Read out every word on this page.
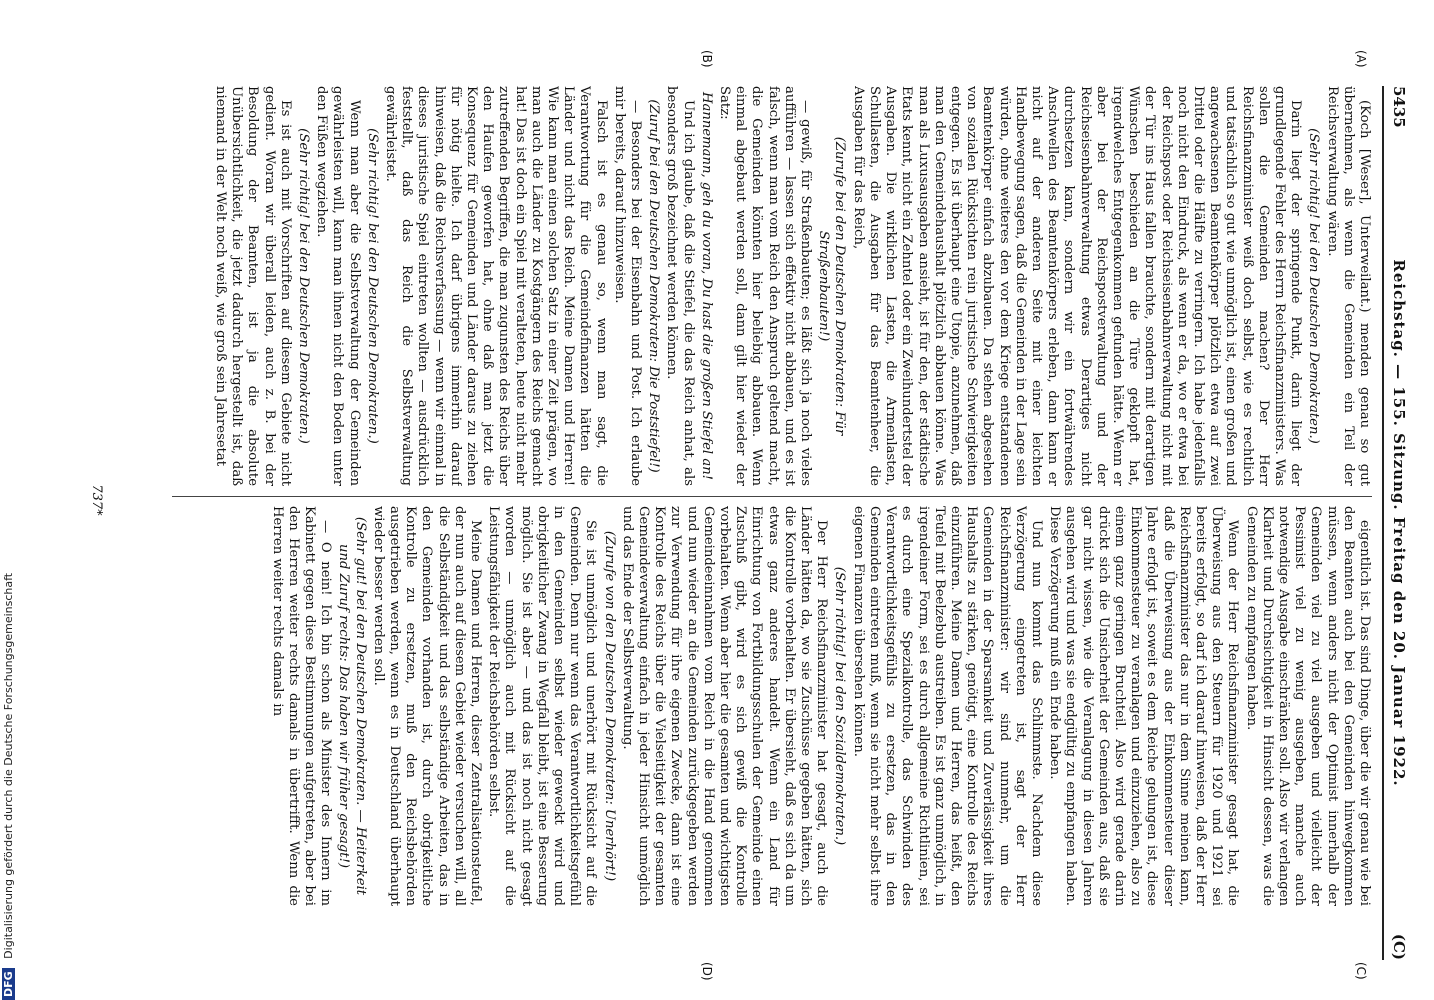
5435
Reichstag. — 155. Sitzung. Freitag den 20. Januar 1922.
(C)
(A)
(B)
(C)
(D)

(Koch [Weser], Unterweilant.) menden genau so gut übernehmen, als wenn die Gemeinden ein Teil der Reichsverwaltung wären.

(Sehr richtig! bei den Deutschen Demokraten.)

Darin liegt der springende Punkt, darin liegt der grundlegende Fehler des Herrn Reichsfinanzministers. Was sollen die Gemeinden machen? Der Herr Reichsfinanzminister weiß doch selbst, wie es rechtlich und tatsächlich so gut wie unmöglich ist, einen großen und angewachsenen Beamtenkörper plötzlich etwa auf zwei Drittel oder die Hälfte zu verringern. Ich habe jedenfalls noch nicht den Eindruck, als wenn er da, wo er etwa bei der Reichspost oder Reichseisenbahnverwaltung nicht mit der Tür ins Haus fallen brauchte, sondern mit derartigen Wünschen beschieden an die Türe geklopft hat, irgendwelches Entgegenkommen gefunden hätte. Wenn er aber bei der Reichspostverwaltung und der Reichseisenbahnverwaltung etwas Derartiges nicht durchsetzen kann, sondern wir ein fortwährendes Anschwellen des Beamtenkörpers erleben, dann kann er nicht auf der anderen Seite mit einer leichten Handbewegung sagen, daß die Gemeinden in der Lage sein würden, ohne weiteres den vor dem Kriege entstandenen Beamtenkörper einfach abzubauen. Da stehen abgesehen von sozialen Rücksichten rein juristische Schwierigkeiten entgegen. Es ist überhaupt eine Utopie, anzunehmen, daß man den Gemeindehaushalt plötzlich abbauen könne. Was man als Luxusausgaben ansieht, ist für den, der städtische Etats kennt, nicht ein Zehntel oder ein Zweihundertstel der Ausgaben. Die wirklichen Lasten, die Armenlasten, Schullasten, die Ausgaben für das Beamtenheer, die Ausgaben für das Reich,

(Zurufe bei den Deutschen Demokraten: Für Straßenbauten!)

— gewiß, für Straßenbauten; es läßt sich ja noch vieles aufführen — lassen sich effektiv nicht abbauen, und es ist falsch, wenn man vom Reich den Anspruch geltend macht, die Gemeinden könnten hier beliebig abbauen. Wenn einmal abgebaut werden soll, dann gilt hier wieder der Satz:

Hannemann, geh du voran, Du hast die großen Stiefel an!

Und ich glaube, daß die Stiefel, die das Reich anhat, als besonders groß bezeichnet werden können.

(Zuruf bei den Deutschen Demokraten: Die Poststiefel!)

— Besonders bei der Eisenbahn und Post. Ich erlaube mir bereits, darauf hinzuweisen.

Falsch ist es genau so, wenn man sagt, die Verantwortung für die Gemeindefinanzen hätten die Länder und nicht das Reich. Meine Damen und Herren! Wie kann man einen solchen Satz in einer Zeit prägen, wo man auch die Länder zu Kostgängern des Reichs gemacht hat! Das ist doch ein Spiel mit veralteten, heute nicht mehr zutreffenden Begriffen, die man zugunsten des Reichs über den Haufen geworfen hat, ohne daß man jetzt die Konsequenz für Gemeinden und Länder daraus zu ziehen für nötig hielte. Ich darf übrigens immerhin darauf hinweisen, daß die Reichsverfassung — wenn wir einmal in dieses juristische Spiel eintreten wollten — ausdrücklich feststellt, daß das Reich die Selbstverwaltung gewährleistet.

(Sehr richtig! bei den Deutschen Demokraten.)

Wenn man aber die Selbstverwaltung der Gemeinden gewährleisten will, kann man ihnen nicht den Boden unter den Füßen wegziehen.

(Sehr richtig! bei den Deutschen Demokraten.)

Es ist auch mit Vorschriften auf diesem Gebiete nicht gedient. Woran wir überall leiden, auch z. B. bei der Besoldung der Beamten, ist ja die absolute Unübersichtlichkeit, die jetzt dadurch hergestellt ist, daß niemand in der Welt noch weiß, wie groß sein Jahresetat

eigentlich ist. Das sind Dinge, über die wir genau wie bei den Beamten auch bei den Gemeinden hinwegkommen müssen, wenn anders nicht der Optimist innerhalb der Gemeinden viel zu viel ausgeben und vielleicht der Pessimist viel zu wenig ausgeben, manche auch notwendige Ausgabe einschränken soll. Also wir verlangen Klarheit und Durchsichtigkeit in Hinsicht dessen, was die Gemeinden zu empfangen haben.

Wenn der Herr Reichsfinanzminister gesagt hat, die Überweisung aus den Steuern für 1920 und 1921 sei bereits erfolgt, so darf ich darauf hinweisen, daß der Herr Reichsfinanzminister das nur in dem Sinne meinen kann, daß die Überweisung aus der Einkommensteuer dieser Jahre erfolgt ist, soweit es dem Reiche gelungen ist, diese Einkommensteuer zu veranlagen und einzuziehen, also zu einem ganz geringen Bruchteil. Also wird gerade darin drückt sich die Unsicherheit der Gemeinden aus, daß sie gar nicht wissen, wie die Veranlagung in diesen Jahren ausgehen wird und was sie endgültig zu empfangen haben. Diese Verzögerung muß ein Ende haben.

Und nun kommt das Schlimmste. Nachdem diese Verzögerung eingetreten ist, sagt der Herr Reichsfinanzminister: wir sind nunmehr, um die Gemeinden in der Sparsamkeit und Zuverlässigkeit ihres Haushalts zu stärken, genötigt, eine Kontrolle des Reichs einzuführen. Meine Damen und Herren, das heißt, den Teufel mit Beelzebub austreiben. Es ist ganz unmöglich, in irgendeiner Form, sei es durch allgemeine Richtlinien, sei es durch eine Spezialkontrolle, das Schwinden des Verantwortlichkeitsgefühls zu ersetzen, das in den Gemeinden eintreten muß, wenn sie nicht mehr selbst ihre eigenen Finanzen übersehen können.

(Sehr richtig! bei den Sozialdemokraten.)

Der Herr Reichsfinanzminister hat gesagt, auch die Länder hätten da, wo sie Zuschüsse gegeben hätten, sich die Kontrolle vorbehalten. Er übersieht, daß es sich da um etwas ganz anderes handelt. Wenn ein Land für Einrichtung von Fortbildungsschulen der Gemeinde einen Zuschuß gibt, wird es sich gewiß die Kontrolle vorbehalten. Wenn aber hier die gesamten und wichtigsten Gemeindeeinnahmen vom Reich in die Hand genommen und nun wieder an die Gemeinden zurückgegeben werden zur Verwendung für ihre eigenen Zwecke, dann ist eine Kontrolle des Reichs über die Vielseitigkeit der gesamten Gemeindeverwaltung einfach in jeder Hinsicht unmöglich und das Ende der Selbstverwaltung.

(Zurufe von den Deutschen Demokraten: Unerhört!)

Sie ist unmöglich und unerhört mit Rücksicht auf die Gemeinden. Denn nur wenn das Verantwortlichkeitsgefühl in den Gemeinden selbst wieder geweckt wird und obrigkeitlicher Zwang in Wegfall bleibt, ist eine Besserung möglich. Sie ist aber — und das ist noch nicht gesagt worden — unmöglich auch mit Rücksicht auf die Leistungsfähigkeit der Reichsbehörden selbst.

Meine Damen und Herren, dieser Zentralisationsteufel, der nun auch auf diesem Gebiet wieder versuchen will, all die Selbständigkeit und das selbständige Arbeiten, das in den Gemeinden vorhanden ist, durch obrigkeitliche Kontrolle zu ersetzen, muß den Reichsbehörden ausgetrieben werden, wenn es in Deutschland überhaupt wieder besser werden soll.

(Sehr gut! bei den Deutschen Demokraten. — Heiterkeit und Zuruf rechts: Das haben wir früher gesagt!)

— O nein! Ich bin schon als Minister des Innern im Kabinett gegen diese Bestimmungen aufgetreten, aber bei den Herren weiter rechts damals in übertrifft. Wenn die Herren weiter rechts damals in

737*
DFG Digitalisierung gefördert durch die Deutsche Forschungsgemeinschaft
